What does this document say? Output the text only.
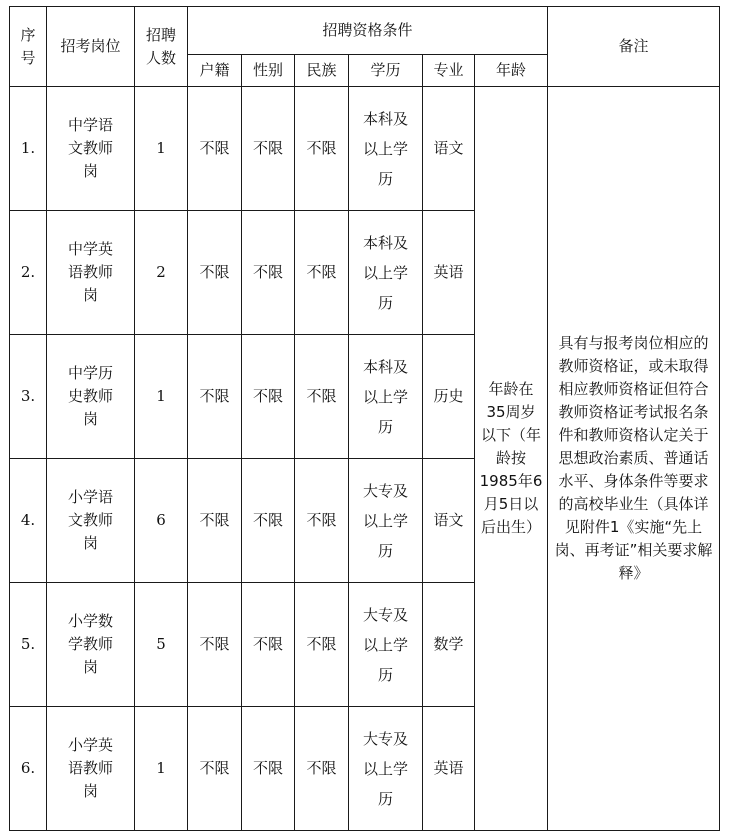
序号	招考岗位	招聘人数	招聘资格条件						备注
			户籍	性别	民族	学历	专业	年龄	
1.	中学语文教师岗	1	不限	不限	不限	本科及以上学历	语文	年龄在35周岁以下（年龄按1985年6月5日以后出生）	具有与报考岗位相应的教师资格证，或未取得相应教师资格证但符合教师资格证考试报名条件和教师资格认定关于思想政治素质、普通话水平、身体条件等要求的高校毕业生（具体详见附件1《实施“先上岗、再考证”相关要求解释》
2.	中学英语教师岗	2	不限	不限	不限	本科及以上学历	英语		
3.	中学历史教师岗	1	不限	不限	不限	本科及以上学历	历史		
4.	小学语文教师岗	6	不限	不限	不限	大专及以上学历	语文		
5.	小学数学教师岗	5	不限	不限	不限	大专及以上学历	数学		
6.	小学英语教师岗	1	不限	不限	不限	大专及以上学历	英语		
